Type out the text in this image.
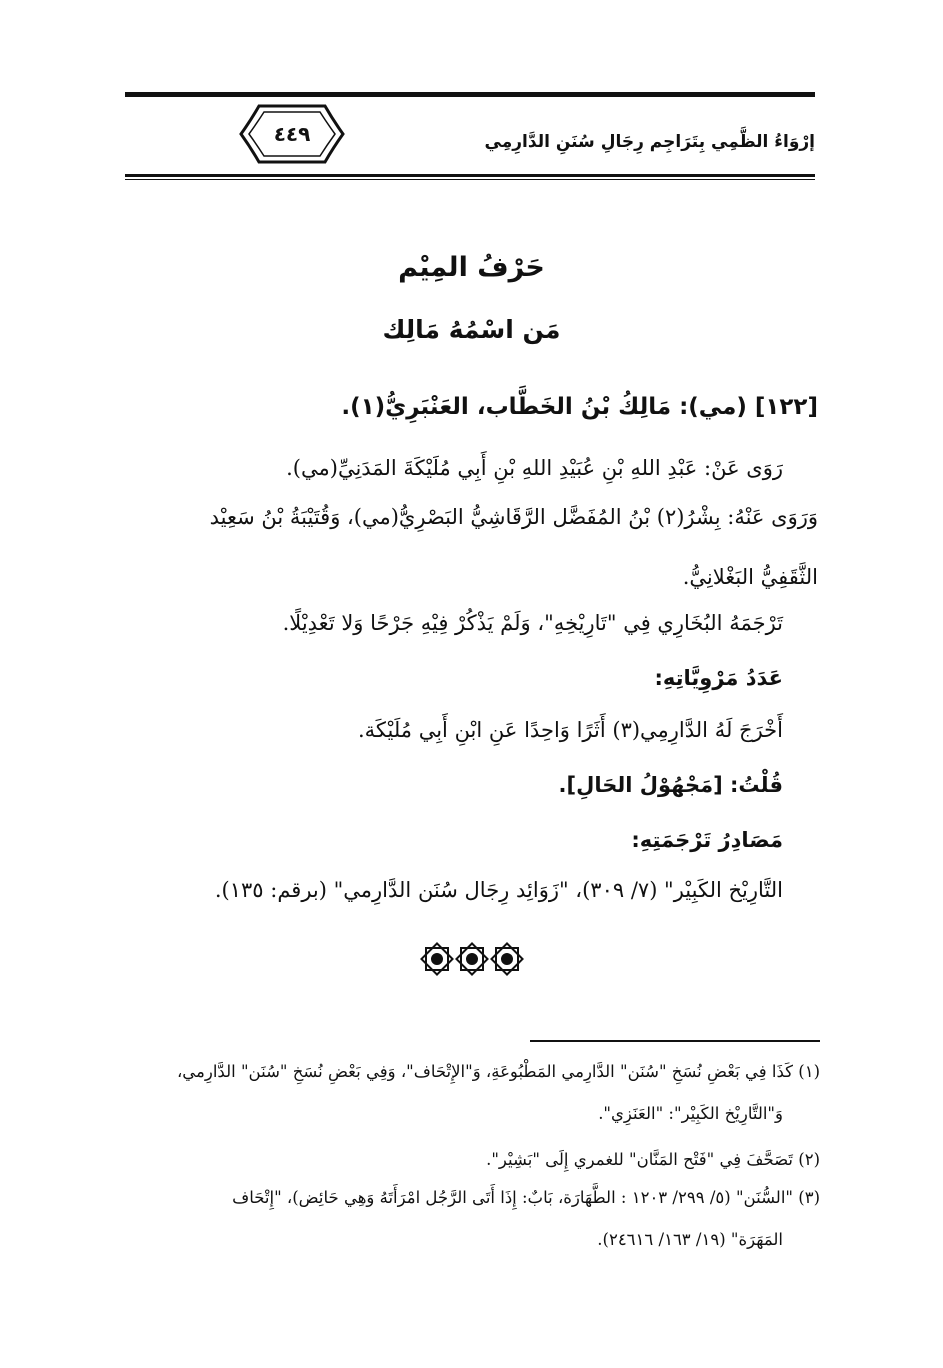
٤٤٩	إرْوَاءُ الظَّمِي بِتَرَاجِم رِجَالِ سُنَنِ الدَّارِمِي
حَرْفُ المِيْم
مَن اسْمُهُ مَالِك
[١٢٢] (مي): مَالِكُ بْنُ الخَطَّاب، العَنْبَرِيُّ(١).
رَوَى عَنْ: عَبْدِ اللهِ بْنِ عُبَيْدِ اللهِ بْنِ أَبِي مُلَيْكَةَ المَدَنِيِّ(مي).
وَرَوَى عَنْهُ: بِشْرُ(٢) بْنُ المُفَضَّل الرَّقَاشِيُّ البَصْرِيُّ(مي)، وَقُتَيْبَةُ بْنُ سَعِيْد
الثَّقَفِيُّ البَغْلانِيُّ.
تَرْجَمَهُ البُخَارِي فِي "تَارِيْخِهِ"، وَلَمْ يَذْكُرْ فِيْهِ جَرْحًا وَلا تَعْدِيْلًا.
عَدَدُ مَرْوِيَّاتِهِ:
أَخْرَجَ لَهُ الدَّارِمِي(٣) أَثَرًا وَاحِدًا عَنِ ابْنِ أَبِي مُلَيْكَة.
قُلْتُ: [مَجْهُوْلُ الحَالِ].
مَصَادِرُ تَرْجَمَتِهِ:
التَّارِيْخ الكَبِيْر" (٧/ ٣٠٩)، "زَوَائِد رِجَال سُنَن الدَّارِمي" (برقم: ١٣٥).
(١) كَذَا فِي بَعْضِ نُسَخِ "سُنَن" الدَّارِمي المَطْبُوعَةِ، وَ"الإِتْحَاف"، وَفِي بَعْضِ نُسَخِ "سُنَن" الدَّارِمي،
وَ"التَّارِيْخ الكَبِيْر": "العَنَزِي".
(٢) تَصَحَّفَ فِي "فَتْح المَنَّان" للغمري إِلَى "بَشِيْر".
(٣) "السُّنَن" (٥/ ٢٩٩/ ١٢٠٣ : الطَّهَارَة، بَابٌ: إِذَا أَتَى الرَّجُل امْرَأَتَهُ وَهِي حَائِض)، "إِتْحَاف
المَهَرَة" (١٩/ ١٦٣/ ٢٤٦١٦).
